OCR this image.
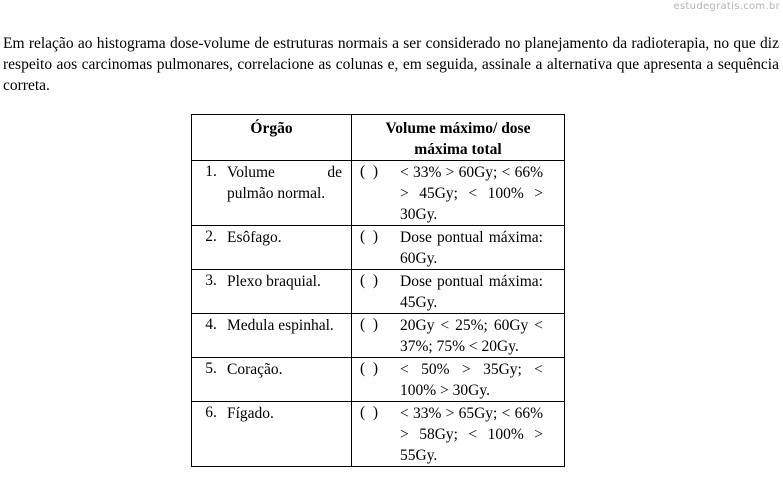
estudegratis.com.br

Em relação ao histograma dose-volume de estruturas normais a ser considerado no planejamento da radioterapia, no que diz respeito aos carcinomas pulmonares, correlacione as colunas e, em seguida, assinale a alternativa que apresenta a sequência correta.

Órgão	Volume máximo/ dose máxima total

1. Volume de pulmão normal.	(  ) < 33% > 60Gy; < 66% > 45Gy; < 100% > 30Gy.

2. Esôfago.	(  ) Dose pontual máxima: 60Gy.

3. Plexo braquial.	(  ) Dose pontual máxima: 45Gy.

4. Medula espinhal.	(  ) 20Gy < 25%; 60Gy < 37%; 75% < 20Gy.

5. Coração.	(  ) < 50% > 35Gy; < 100% > 30Gy.

6. Fígado.	(  ) < 33% > 65Gy; < 66% > 58Gy; < 100% > 55Gy.
